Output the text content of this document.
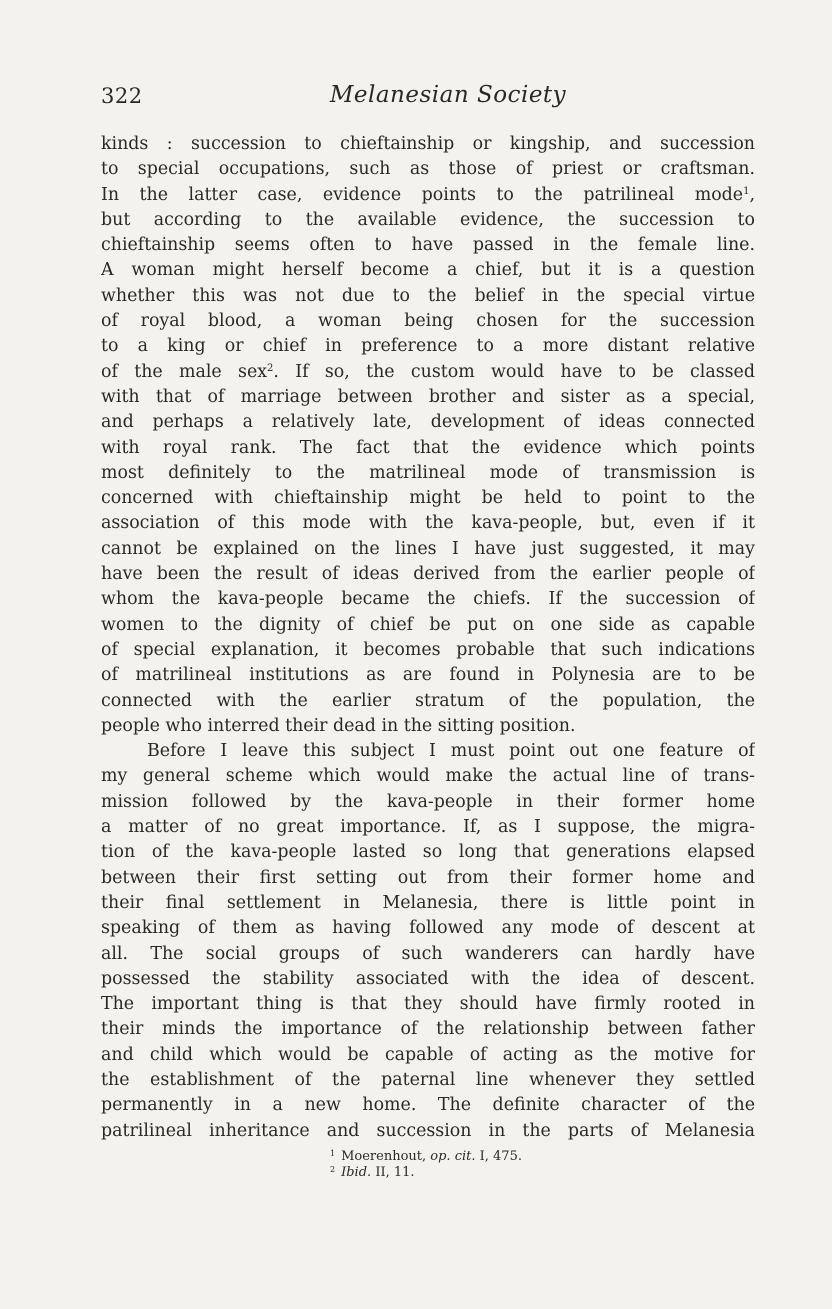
322	Melanesian Society
kinds : succession to chieftainship or kingship, and succession
to special occupations, such as those of priest or craftsman.
In the latter case, evidence points to the patrilineal mode$^1$,
but according to the available evidence, the succession to
chieftainship seems often to have passed in the female line.
A woman might herself become a chief, but it is a question
whether this was not due to the belief in the special virtue
of royal blood, a woman being chosen for the succession
to a king or chief in preference to a more distant relative
of the male sex$^2$. If so, the custom would have to be classed
with that of marriage between brother and sister as a special,
and perhaps a relatively late, development of ideas connected
with royal rank. The fact that the evidence which points
most definitely to the matrilineal mode of transmission is
concerned with chieftainship might be held to point to the
association of this mode with the kava-people, but, even if it
cannot be explained on the lines I have just suggested, it may
have been the result of ideas derived from the earlier people of
whom the kava-people became the chiefs. If the succession of
women to the dignity of chief be put on one side as capable
of special explanation, it becomes probable that such indications
of matrilineal institutions as are found in Polynesia are to be
connected with the earlier stratum of the population, the
people who interred their dead in the sitting position.
Before I leave this subject I must point out one feature of
my general scheme which would make the actual line of trans-
mission followed by the kava-people in their former home
a matter of no great importance. If, as I suppose, the migra-
tion of the kava-people lasted so long that generations elapsed
between their first setting out from their former home and
their final settlement in Melanesia, there is little point in
speaking of them as having followed any mode of descent at
all. The social groups of such wanderers can hardly have
possessed the stability associated with the idea of descent.
The important thing is that they should have firmly rooted in
their minds the importance of the relationship between father
and child which would be capable of acting as the motive for
the establishment of the paternal line whenever they settled
permanently in a new home. The definite character of the
patrilineal inheritance and succession in the parts of Melanesia
$^1$ Moerenhout, op. cit. I, 475.
$^2$ Ibid. II, 11.
